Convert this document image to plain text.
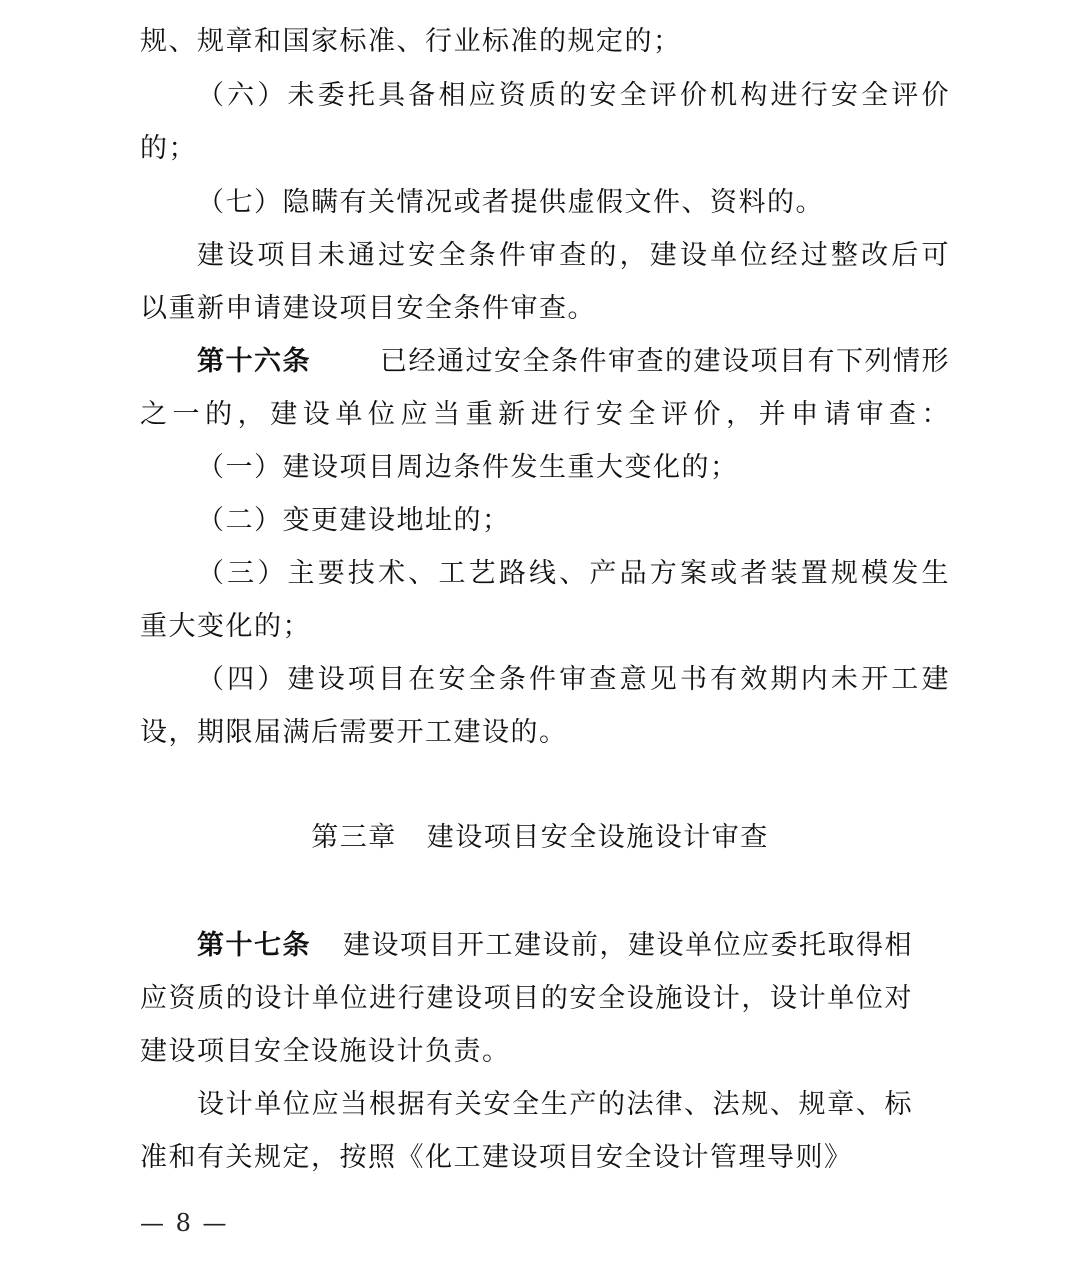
规、规章和国家标准、行业标准的规定的；
（六）未委托具备相应资质的安全评价机构进行安全评价
的；
（七）隐瞒有关情况或者提供虚假文件、资料的。
建设项目未通过安全条件审查的，建设单位经过整改后可
以重新申请建设项目安全条件审查。
第十六条	已经通过安全条件审查的建设项目有下列情形
之一的，建设单位应当重新进行安全评价，并申请审查：
（一）建设项目周边条件发生重大变化的；
（二）变更建设地址的；
（三）主要技术、工艺路线、产品方案或者装置规模发生
重大变化的；
（四）建设项目在安全条件审查意见书有效期内未开工建
设，期限届满后需要开工建设的。
第三章 建设项目安全设施设计审查
第十七条 建设项目开工建设前，建设单位应委托取得相
应资质的设计单位进行建设项目的安全设施设计，设计单位对
建设项目安全设施设计负责。
设计单位应当根据有关安全生产的法律、法规、规章、标
准和有关规定，按照《化工建设项目安全设计管理导则》
— 8 —
